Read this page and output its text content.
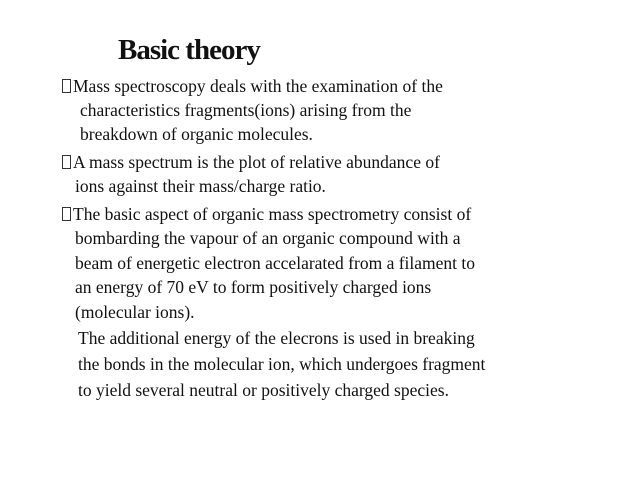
Basic theory
Mass spectroscopy deals with the examination of the
characteristics fragments(ions) arising from the
breakdown of organic molecules.
A mass spectrum is the plot of relative abundance of
ions against their mass/charge ratio.
The basic aspect of organic mass spectrometry consist of
bombarding the vapour of an organic compound with a
beam of energetic electron accelarated from a filament to
an energy of 70 eV to form positively charged ions
(molecular ions).
The additional energy of the elecrons is used in breaking
the bonds in the molecular ion, which undergoes fragment
to yield several neutral or positively charged species.
